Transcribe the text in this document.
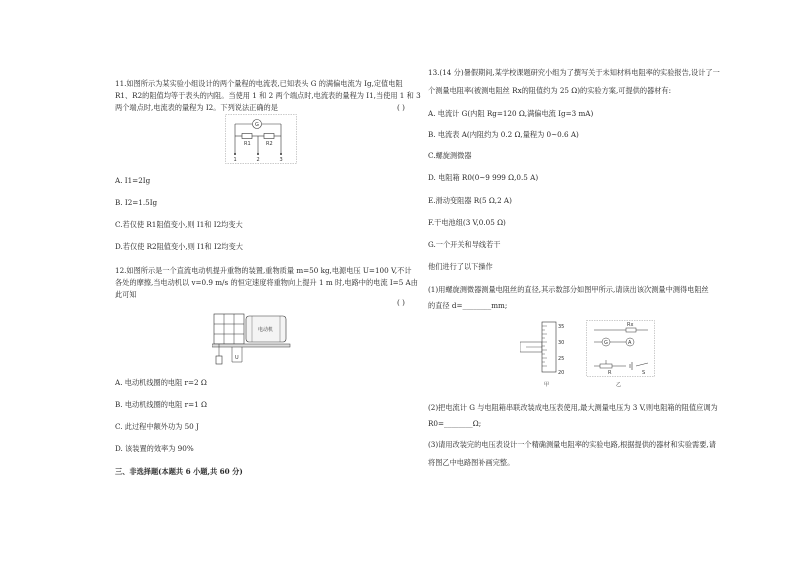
11.如图所示为某实验小组设计的两个量程的电流表,已知表头 G 的满偏电流为 Ig,定值电阻
R1、R2的阻值均等于表头的内阻。当使用 1 和 2 两个端点时,电流表的量程为 I1,当使用 1 和 3
两个端点时,电流表的量程为 I2。下列说法正确的是	( )
G
R1	R2
1	2	3
A. I1=2Ig
B. I2=1.5Ig
C.若仅使 R1阻值变小,则 I1和 I2均变大
D.若仅使 R2阻值变小,则 I1和 I2均变大
12.如图所示是一个直流电动机提升重物的装置,重物质量 m=50 kg,电源电压 U=100 V,不计
各处的摩擦,当电动机以 v=0.9 m/s 的恒定速度将重物向上提升 1 m 时,电路中的电流 I=5 A由
此可知
( )
电动机
U
A. 电动机线圈的电阻 r=2 Ω
B. 电动机线圈的电阻 r=1 Ω
C. 此过程中额外功为 50 J
D. 该装置的效率为 90%
三、非选择题(本题共 6 小题,共 60 分)
13.(14 分)暑假期间,某学校课题研究小组为了撰写关于未知材料电阻率的实验报告,设计了一
个测量电阻率(被测电阻丝 Rx的阻值约为 25 Ω)的实验方案,可提供的器材有:
A. 电流计 G(内阻 Rg=120 Ω,满偏电流 Ig=3 mA)
B. 电流表 A(内阻约为 0.2 Ω,量程为 0~0.6 A)
C.螺旋测微器
D. 电阻箱 R0(0~9 999 Ω,0.5 A)
E.滑动变阻器 R(5 Ω,2 A)
F.干电池组(3 V,0.05 Ω)
G.一个开关和导线若干
他们进行了以下操作
(1)用螺旋测微器测量电阻丝的直径,其示数部分如图甲所示,请读出该次测量中测得电阻丝
的直径 d=________mm;
35
30
25
20
甲
Rx
G	A
R	S
乙
(2)把电流计 G 与电阻箱串联改装成电压表使用,最大测量电压为 3 V,则电阻箱的阻值应调为
R0=________Ω;
(3)请用改装完的电压表设计一个精确测量电阻率的实验电路,根据提供的器材和实验需要,请
将图乙中电路图补画完整。
